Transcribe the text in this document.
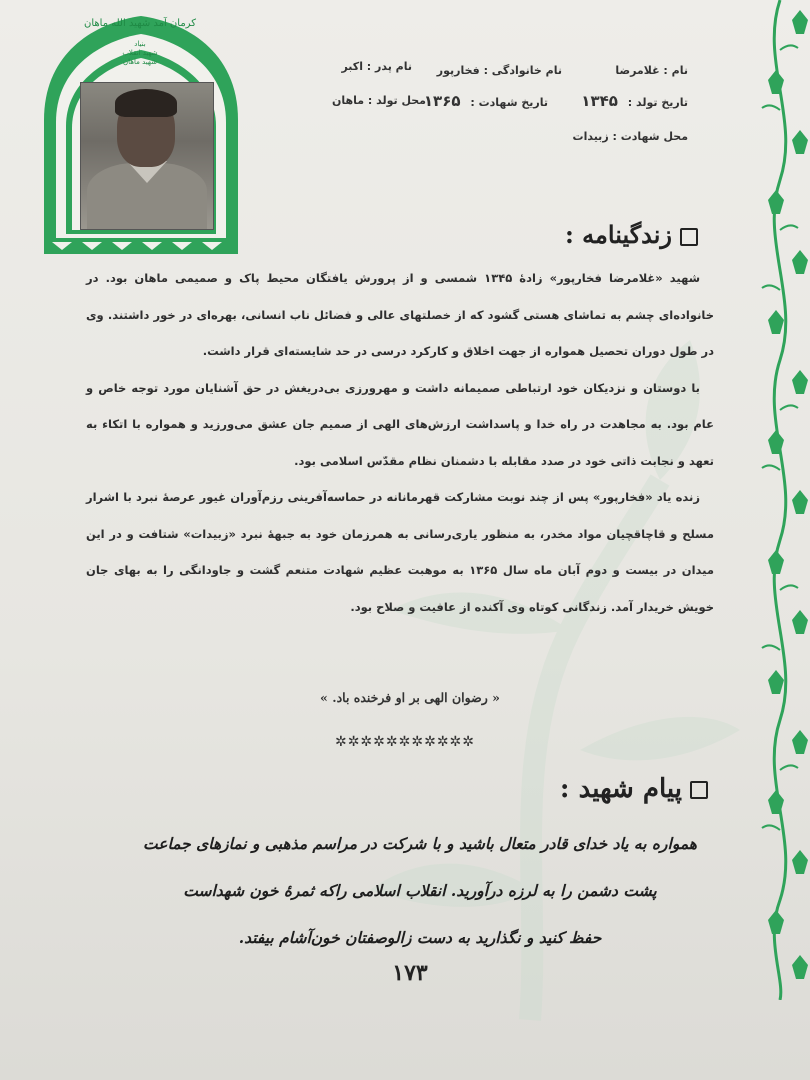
کرمان آمد شهید الله ماهان
بنیاد
شهید انقلاب
شهید ماهان
نام : غلامرضا
نام خانوادگی : فخارپور
نام پدر : اکبر
تاریخ تولد : ۱۳۴۵
تاریخ شهادت : ۱۳۶۵
محل تولد : ماهان
محل شهادت : زبیدات
زندگینامه :

شهید «غلامرضا فخارپور» زادهٔ ۱۳۴۵ شمسی و از پرورش یافتگان محیط پاک و صمیمی ماهان بود. در خانواده‌ای چشم به تماشای هستی گشود که از خصلتهای عالی و فضائل ناب انسانی، بهره‌ای در خور داشتند. وی در طول دوران تحصیل همواره از جهت اخلاق و کارکرد درسی در حد شایسته‌ای قرار داشت.

با دوستان و نزدیکان خود ارتباطی صمیمانه داشت و مهرورزی بی‌دریغش در حق آشنایان مورد توجه خاص و عام بود. به مجاهدت در راه خدا و پاسداشت ارزش‌های الهی از صمیم جان عشق می‌ورزید و همواره با اتکاء به تعهد و نجابت ذاتی خود در صدد مقابله با دشمنان نظام مقدّس اسلامی بود.

زنده یاد «فخارپور» پس از چند نوبت مشارکت قهرمانانه در حماسه‌آفرینی رزم‌آوران غیور عرصهٔ نبرد با اشرار مسلح و قاچاقچیان مواد مخدر، به منظور یاری‌رسانی به همرزمان خود به جبههٔ نبرد «زبیدات» شتافت و در این میدان در بیست و دوم آبان ماه سال ۱۳۶۵ به موهبت عظیم شهادت متنعم گشت و جاودانگی را به بهای جان خویش خریدار آمد. زندگانی کوتاه وی آکنده از عافیت و صلاح بود.

« رضوان الهی بر او فرخنده باد. »
✲✲✲✲✲✲✲✲✲✲✲
پیام شهید :
همواره به یاد خدای قادر متعال باشید و با شرکت در مراسم مذهبی و نمازهای جماعت
پشت دشمن را به لرزه درآورید. انقلاب اسلامی راکه ثمرهٔ خون شهداست
حفظ کنید و نگذارید به دست زالوصفتان خون‌آشام بیفتد.
۱۷۳
